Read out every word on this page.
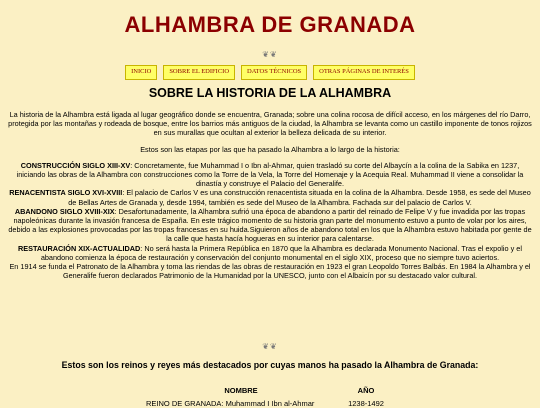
ALHAMBRA DE GRANADA
❦❦
INICIO	SOBRE EL EDIFICIO	DATOS TÉCNICOS	OTRAS PÁGINAS DE INTERÉS
SOBRE LA HISTORIA DE LA ALHAMBRA

La historia de la Alhambra está ligada al lugar geográfico donde se encuentra, Granada; sobre una colina rocosa de difícil acceso, en los márgenes del río Darro, protegida por las montañas y rodeada de bosque, entre los barrios más antiguos de la ciudad, la Alhambra se levanta como un castillo imponente de tonos rojizos en sus murallas que ocultan al exterior la belleza delicada de su interior.

Estos son las etapas por las que ha pasado la Alhambra a lo largo de la historia:

CONSTRUCCIÓN SIGLO XIII-XV: Concretamente, fue Muhammad I o Ibn al-Ahmar, quien trasladó su corte del Albaycín a la colina de la Sabika en 1237, iniciando las obras de la Alhambra con construcciones como la Torre de la Vela, la Torre del Homenaje y la Acequia Real. Muhammad II viene a consolidar la dinastía y construye el Palacio del Generalife.

RENACENTISTA SIGLO XVI-XVIII: El palacio de Carlos V es una construcción renacentista situada en la colina de la Alhambra. Desde 1958, es sede del Museo de Bellas Artes de Granada y, desde 1994, también es sede del Museo de la Alhambra. Fachada sur del palacio de Carlos V.

ABANDONO SIGLO XVIII-XIX: Desafortunadamente, la Alhambra sufrió una época de abandono a partir del reinado de Felipe V y fue invadida por las tropas napoleónicas durante la invasión francesa de España. En este trágico momento de su historia gran parte del monumento estuvo a punto de volar por los aires, debido a las explosiones provocadas por las tropas francesas en su huida.Siguieron años de abandono total en los que la Alhambra estuvo habitada por gente de la calle que hasta hacía hogueras en su interior para calentarse.

RESTAURACIÓN XIX-ACTUALIDAD: No será hasta la Primera República en 1870 que la Alhambra es declarada Monumento Nacional. Tras el expolio y el abandono comienza la época de restauración y conservación del conjunto monumental en el siglo XIX, proceso que no siempre tuvo aciertos.

En 1914 se funda el Patronato de la Alhambra y toma las riendas de las obras de restauración en 1923 el gran Leopoldo Torres Balbás. En 1984 la Alhambra y el Generalife fueron declarados Patrimonio de la Humanidad por la UNESCO, junto con el Albaicín por su destacado valor cultural.

❦❦
Estos son los reinos y reyes más destacados por cuyas manos ha pasado la Alhambra de Granada:
NOMBRE	AÑO
REINO DE GRANADA: Muhammad I Ibn al-Ahmar	1238-1492
